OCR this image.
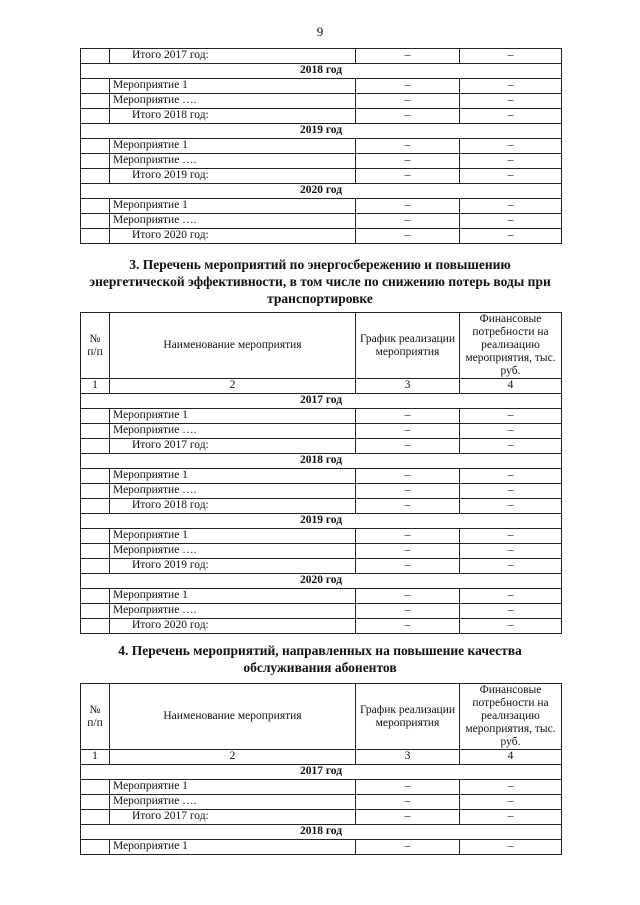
9
	Итого 2017 год:	–	–
2018 год			
	Мероприятие 1	–	–
	Мероприятие ….	–	–
	Итого 2018 год:	–	–
2019 год			
	Мероприятие 1	–	–
	Мероприятие ….	–	–
	Итого 2019 год:	–	–
2020 год			
	Мероприятие 1	–	–
	Мероприятие ….	–	–
	Итого 2020 год:	–	–
3. Перечень мероприятий по энергосбережению и повышению энергетической эффективности, в том числе по снижению потерь воды при транспортировке
№ п/п	Наименование мероприятия	График реализации мероприятия	Финансовые потребности на реализацию мероприятия, тыс. руб.
1	2	3	4
2017 год			
	Мероприятие 1	–	–
	Мероприятие ….	–	–
	Итого 2017 год:	–	–
2018 год			
	Мероприятие 1	–	–
	Мероприятие ….	–	–
	Итого 2018 год:	–	–
2019 год			
	Мероприятие 1	–	–
	Мероприятие ….	–	–
	Итого 2019 год:	–	–
2020 год			
	Мероприятие 1	–	–
	Мероприятие ….	–	–
	Итого 2020 год:	–	–
4. Перечень мероприятий, направленных на повышение качества обслуживания абонентов
№ п/п	Наименование мероприятия	График реализации мероприятия	Финансовые потребности на реализацию мероприятия, тыс. руб.
1	2	3	4
2017 год			
	Мероприятие 1	–	–
	Мероприятие ….	–	–
	Итого 2017 год:	–	–
2018 год			
	Мероприятие 1	–	–
